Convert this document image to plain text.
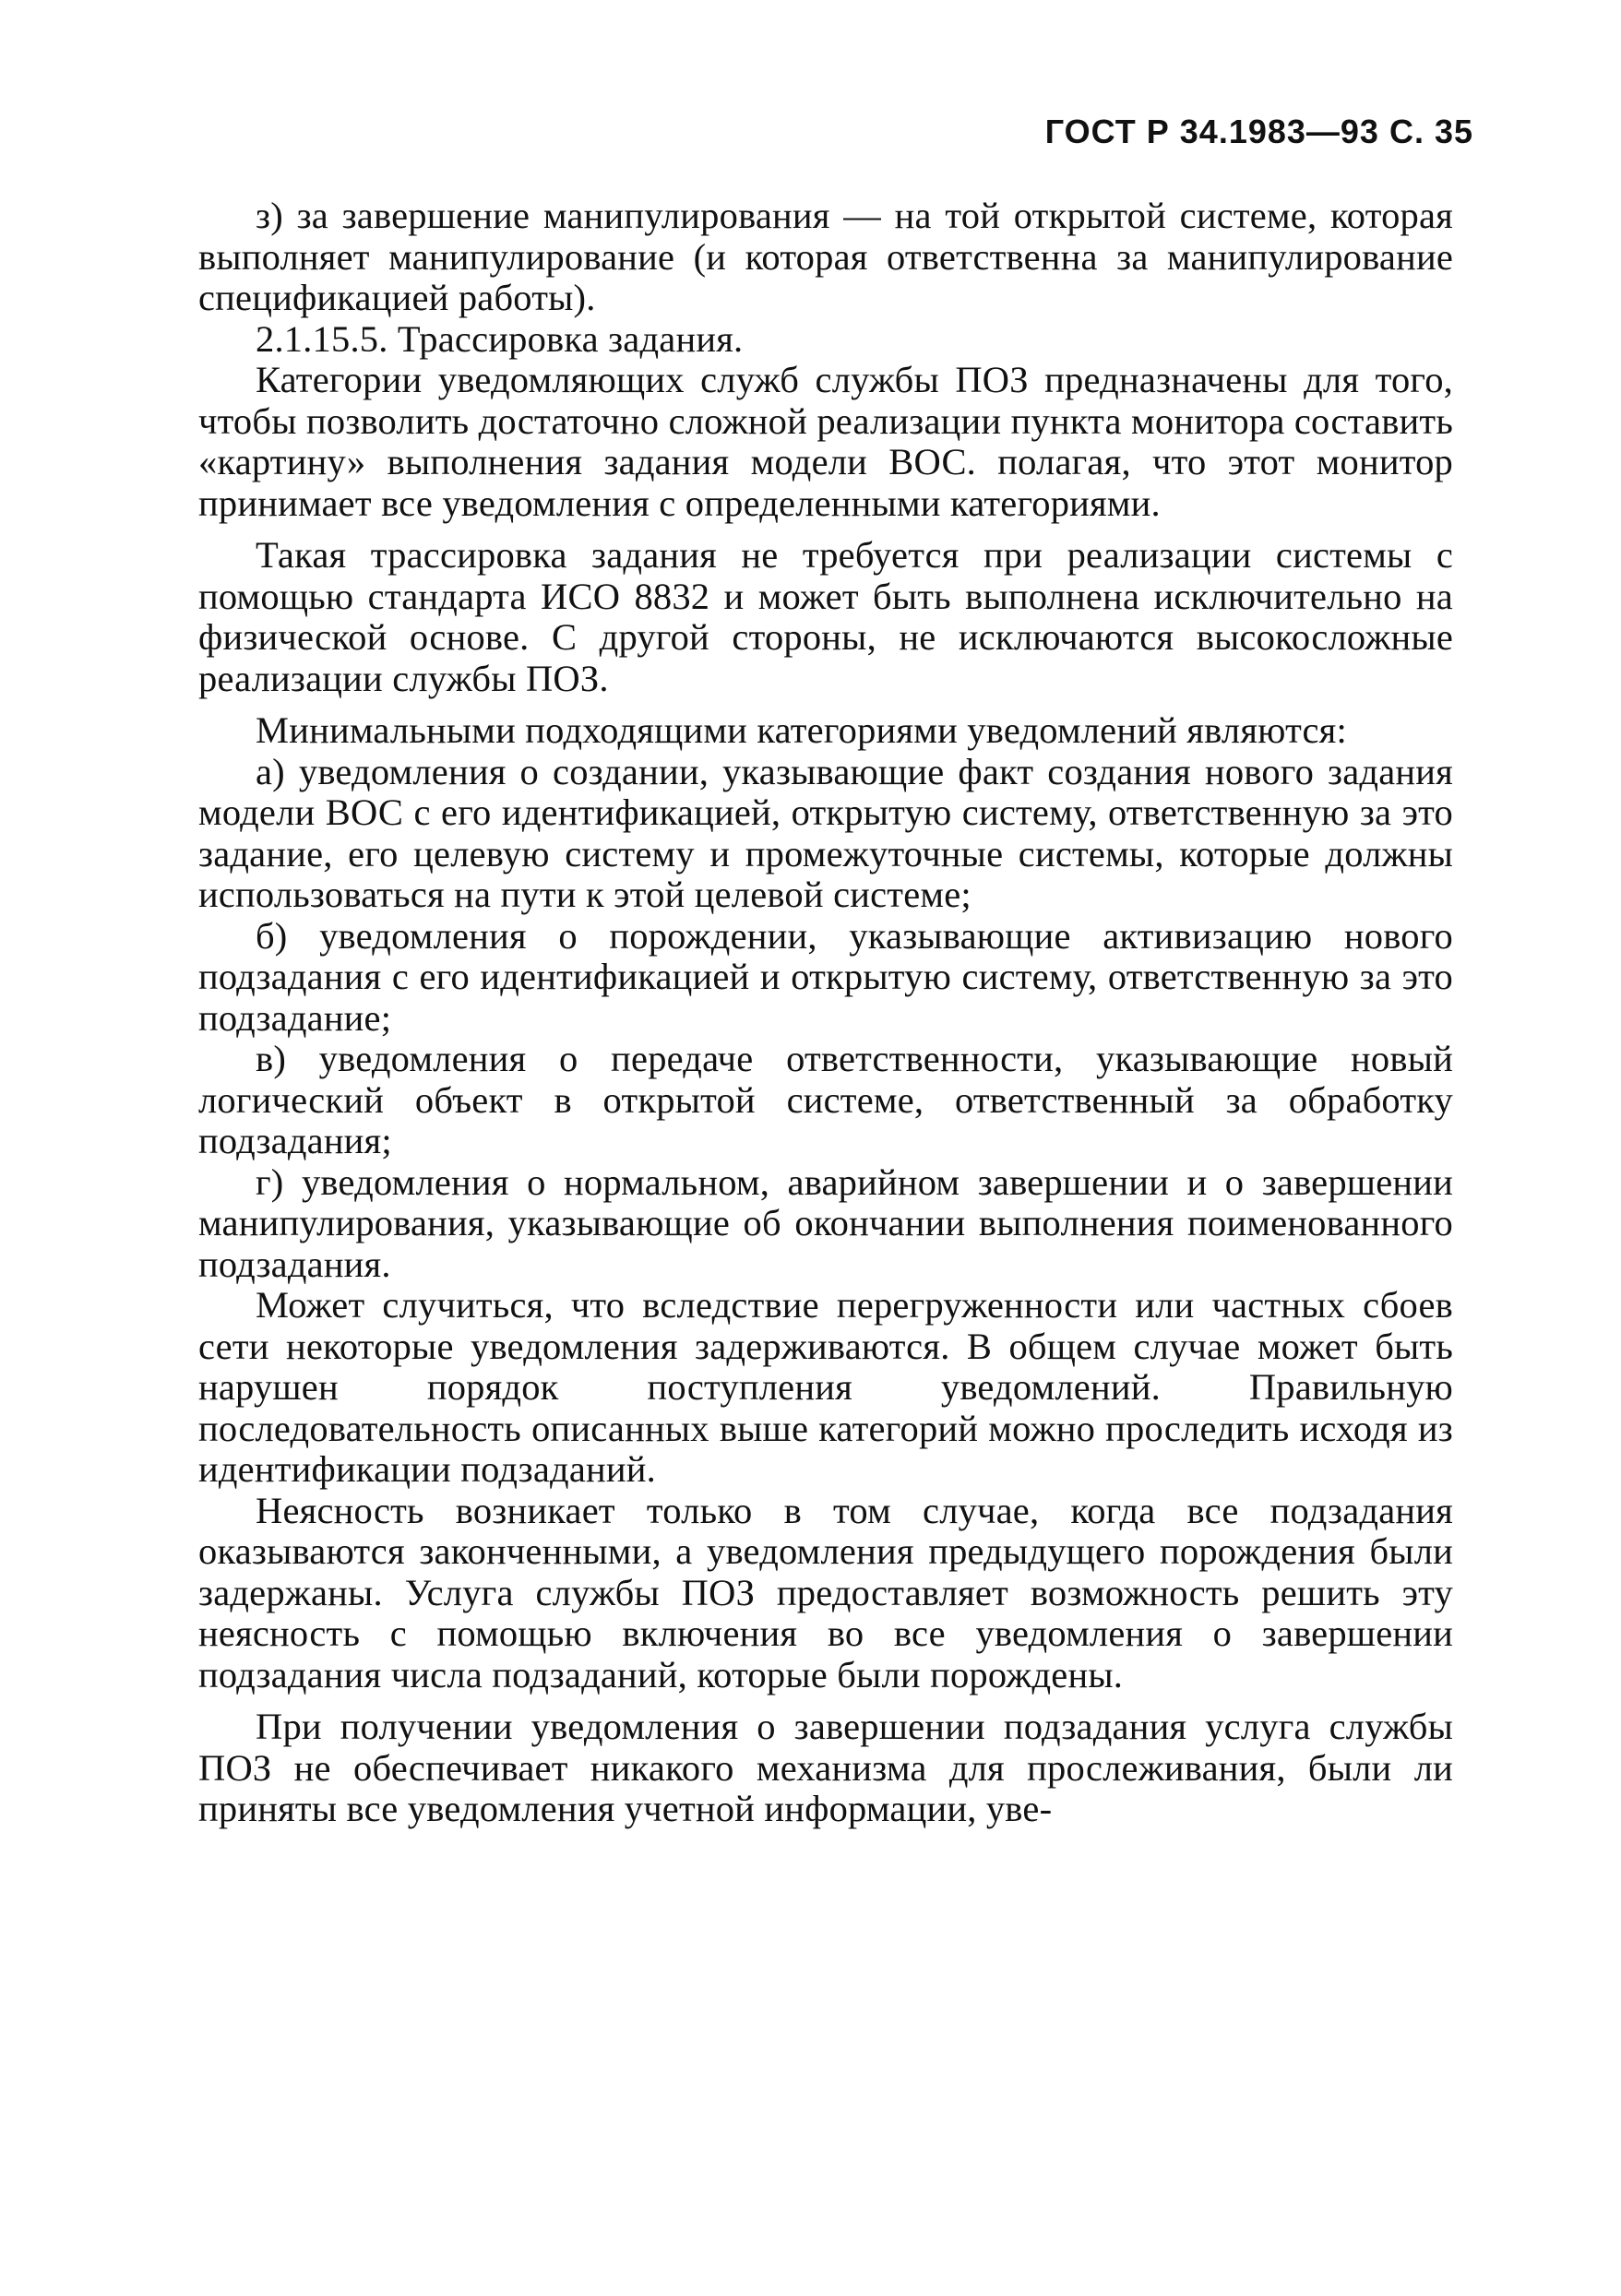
ГОСТ Р 34.1983—93 С. 35

з) за завершение манипулирования — на той открытой системе, которая выполняет манипулирование (и которая ответственна за манипулирование спецификацией работы).

2.1.15.5. Трассировка задания.

Категории уведомляющих служб службы ПОЗ предназначены для того, чтобы позволить достаточно сложной реализации пункта монитора составить «картину» выполнения задания модели ВОС. полагая, что этот монитор принимает все уведомления с определенными категориями.

Такая трассировка задания не требуется при реализации системы с помощью стандарта ИСО 8832 и может быть выполнена исключительно на физической основе. С другой стороны, не исключаются высокосложные реализации службы ПОЗ.

Минимальными подходящими категориями уведомлений являются:

а) уведомления о создании, указывающие факт создания нового задания модели ВОС с его идентификацией, открытую систему, ответственную за это задание, его целевую систему и промежуточные системы, которые должны использоваться на пути к этой целевой системе;

б) уведомления о порождении, указывающие активизацию нового подзадания с его идентификацией и открытую систему, ответственную за это подзадание;

в) уведомления о передаче ответственности, указывающие новый логический объект в открытой системе, ответственный за обработку подзадания;

г) уведомления о нормальном, аварийном завершении и о завершении манипулирования, указывающие об окончании выполнения поименованного подзадания.

Может случиться, что вследствие перегруженности или частных сбоев сети некоторые уведомления задерживаются. В общем случае может быть нарушен порядок поступления уведомлений. Правильную последовательность описанных выше категорий можно проследить исходя из идентификации подзаданий.

Неясность возникает только в том случае, когда все подзадания оказываются законченными, а уведомления предыдущего порождения были задержаны. Услуга службы ПОЗ предоставляет возможность решить эту неясность с помощью включения во все уведомления о завершении подзадания числа подзаданий, которые были порождены.

При получении уведомления о завершении подзадания услуга службы ПОЗ не обеспечивает никакого механизма для прослеживания, были ли приняты все уведомления учетной информации, уве-
